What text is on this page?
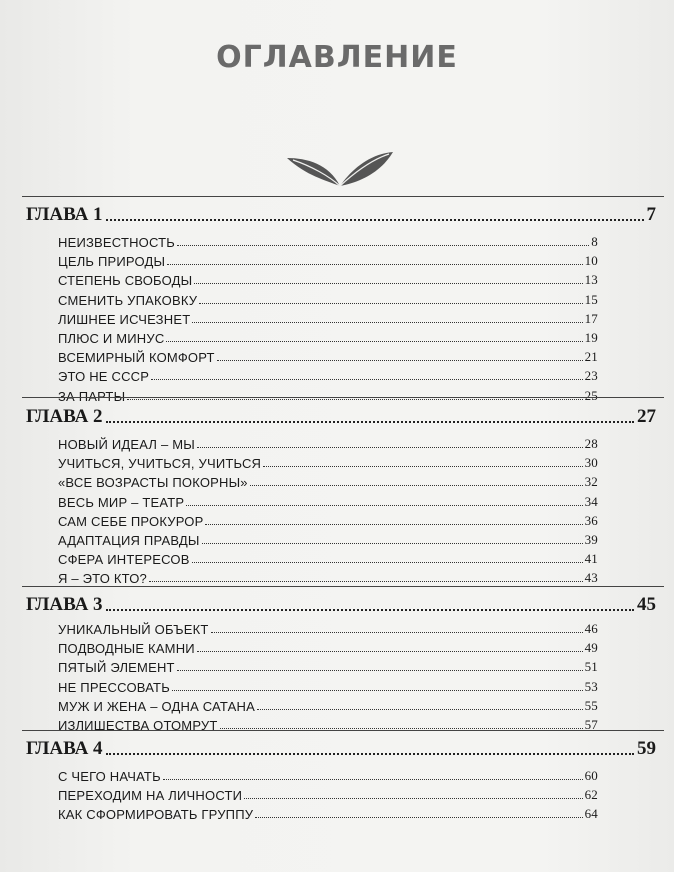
ОГЛАВЛЕНИЕ
ГЛАВА 1	7
НЕИЗВЕСТНОСТЬ	8
ЦЕЛЬ ПРИРОДЫ	10
СТЕПЕНЬ СВОБОДЫ	13
СМЕНИТЬ УПАКОВКУ	15
ЛИШНЕЕ ИСЧЕЗНЕТ	17
ПЛЮС И МИНУС	19
ВСЕМИРНЫЙ КОМФОРТ	21
ЭТО НЕ СССР	23
ЗА ПАРТЫ	25
ГЛАВА 2	27
НОВЫЙ ИДЕАЛ – МЫ	28
УЧИТЬСЯ, УЧИТЬСЯ, УЧИТЬСЯ	30
«ВСЕ ВОЗРАСТЫ ПОКОРНЫ»	32
ВЕСЬ МИР – ТЕАТР	34
САМ СЕБЕ ПРОКУРОР	36
АДАПТАЦИЯ ПРАВДЫ	39
СФЕРА ИНТЕРЕСОВ	41
Я – ЭТО КТО?	43
ГЛАВА 3	45
УНИКАЛЬНЫЙ ОБЪЕКТ	46
ПОДВОДНЫЕ КАМНИ	49
ПЯТЫЙ ЭЛЕМЕНТ	51
НЕ ПРЕССОВАТЬ	53
МУЖ И ЖЕНА – ОДНА САТАНА	55
ИЗЛИШЕСТВА ОТОМРУТ	57
ГЛАВА 4	59
С ЧЕГО НАЧАТЬ	60
ПЕРЕХОДИМ НА ЛИЧНОСТИ	62
КАК СФОРМИРОВАТЬ ГРУППУ	64
